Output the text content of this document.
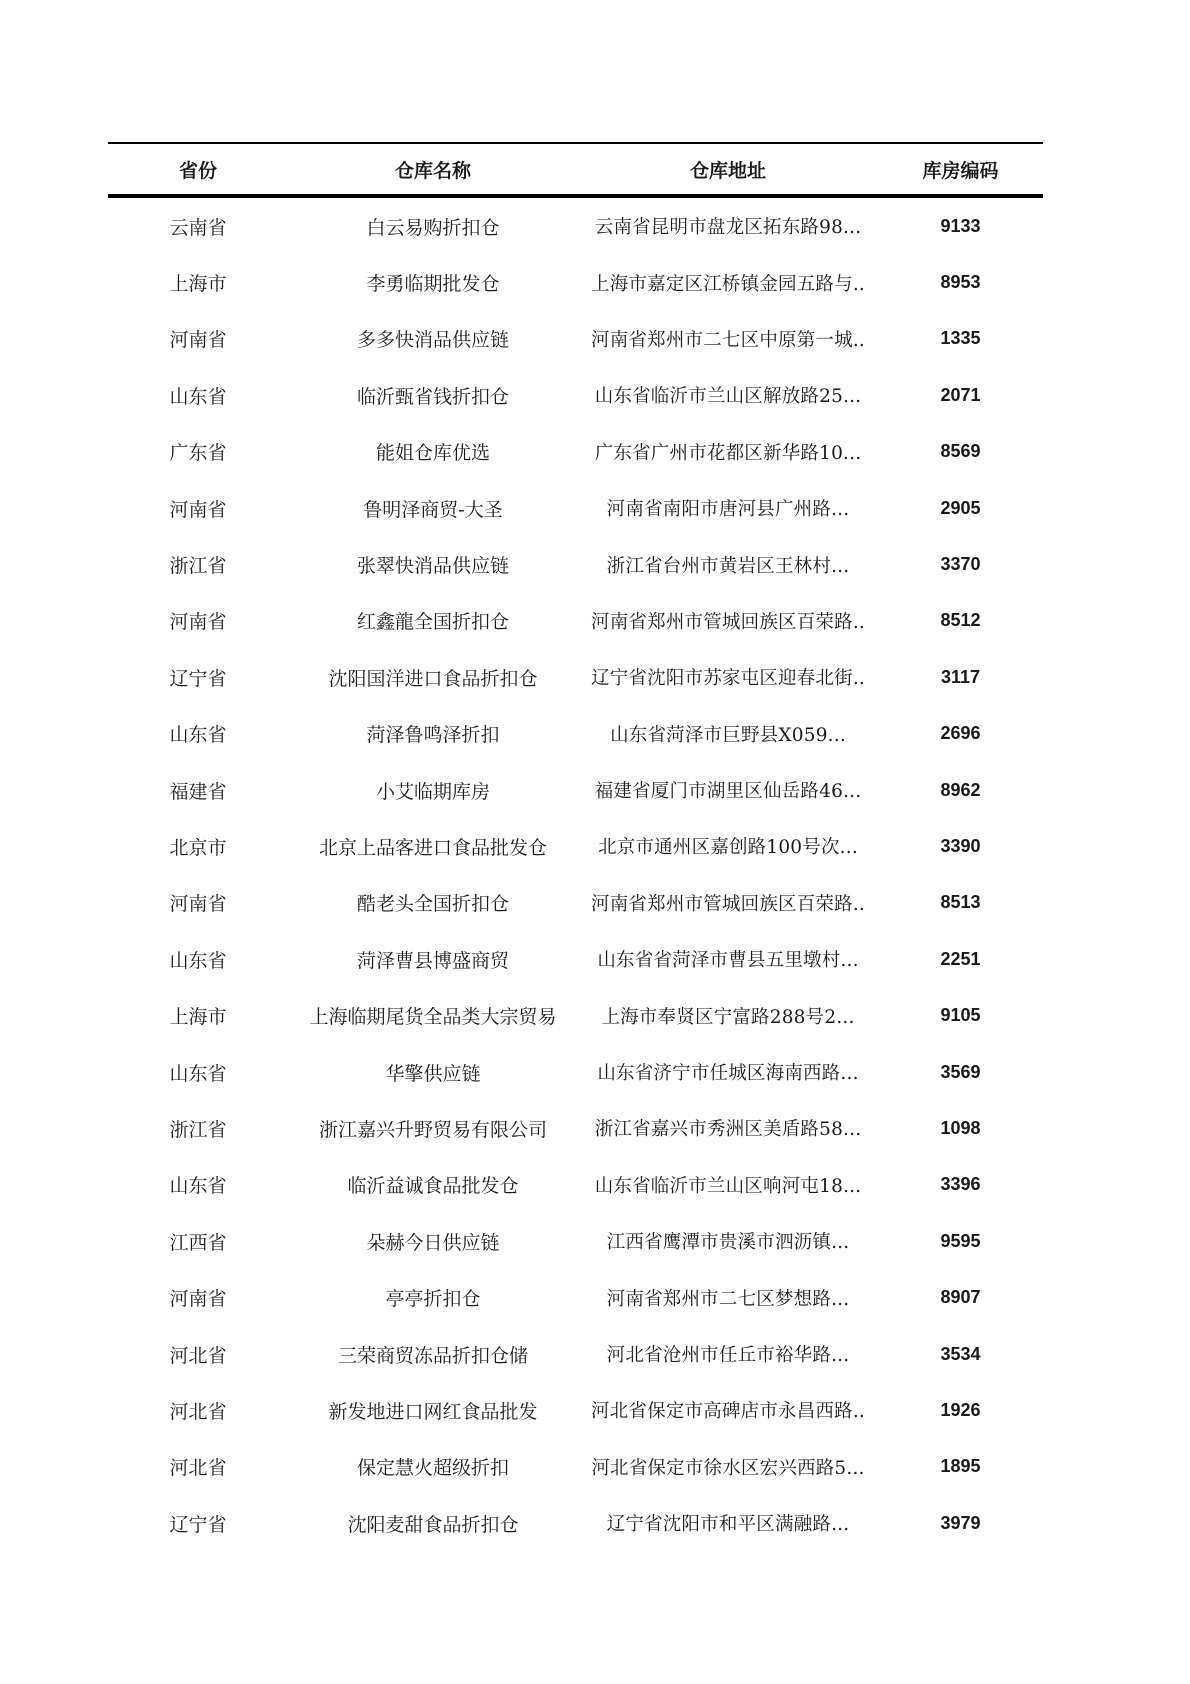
省份	仓库名称	仓库地址	库房编码
云南省	白云易购折扣仓	云南省昆明市盘龙区拓东路98...	9133
上海市	李勇临期批发仓	上海市嘉定区江桥镇金园五路与..	8953
河南省	多多快消品供应链	河南省郑州市二七区中原第一城..	1335
山东省	临沂甄省钱折扣仓	山东省临沂市兰山区解放路25...	2071
广东省	能姐仓库优选	广东省广州市花都区新华路10...	8569
河南省	鲁明泽商贸-大圣	河南省南阳市唐河县广州路...	2905
浙江省	张翠快消品供应链	浙江省台州市黄岩区王林村...	3370
河南省	红鑫龍全国折扣仓	河南省郑州市管城回族区百荣路..	8512
辽宁省	沈阳国洋进口食品折扣仓	辽宁省沈阳市苏家屯区迎春北街..	3117
山东省	菏泽鲁鸣泽折扣	山东省菏泽市巨野县X059...	2696
福建省	小艾临期库房	福建省厦门市湖里区仙岳路46...	8962
北京市	北京上品客进口食品批发仓	北京市通州区嘉创路100号次...	3390
河南省	酷老头全国折扣仓	河南省郑州市管城回族区百荣路..	8513
山东省	菏泽曹县博盛商贸	山东省省菏泽市曹县五里墩村...	2251
上海市	上海临期尾货全品类大宗贸易	上海市奉贤区宁富路288号2...	9105
山东省	华擎供应链	山东省济宁市任城区海南西路...	3569
浙江省	浙江嘉兴升野贸易有限公司	浙江省嘉兴市秀洲区美盾路58...	1098
山东省	临沂益诚食品批发仓	山东省临沂市兰山区响河屯18...	3396
江西省	朵赫今日供应链	江西省鹰潭市贵溪市泗沥镇...	9595
河南省	亭亭折扣仓	河南省郑州市二七区梦想路...	8907
河北省	三荣商贸冻品折扣仓储	河北省沧州市任丘市裕华路...	3534
河北省	新发地进口网红食品批发	河北省保定市高碑店市永昌西路..	1926
河北省	保定慧火超级折扣	河北省保定市徐水区宏兴西路5...	1895
辽宁省	沈阳麦甜食品折扣仓	辽宁省沈阳市和平区满融路...	3979
